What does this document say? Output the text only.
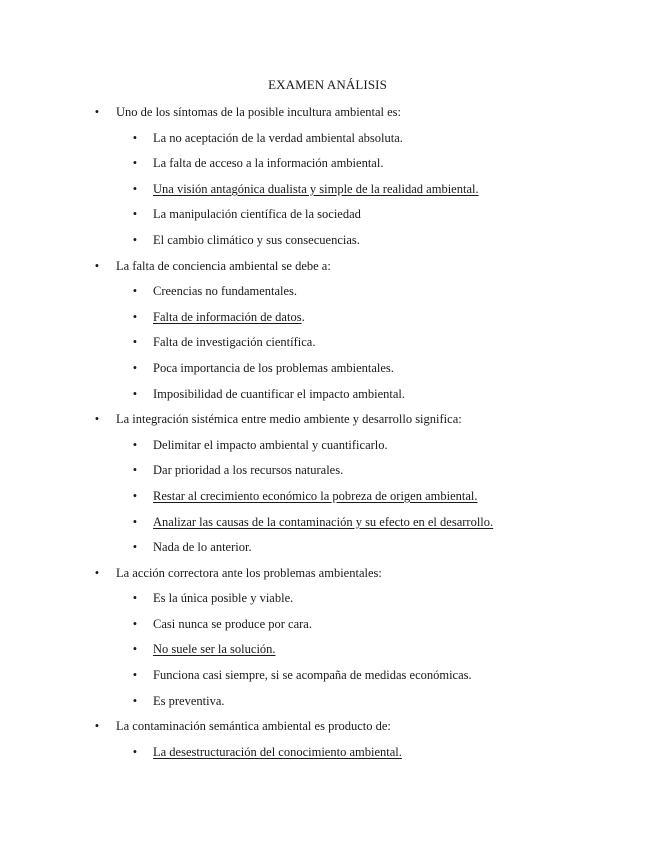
EXAMEN ANÁLISIS
• Uno de los síntomas de la posible incultura ambiental es:
• La no aceptación de la verdad ambiental absoluta.
• La falta de acceso a la información ambiental.
• Una visión antagónica dualista y simple de la realidad ambiental.
• La manipulación científica de la sociedad
• El cambio climático y sus consecuencias.
• La falta de conciencia ambiental se debe a:
• Creencias no fundamentales.
• Falta de información de datos.
• Falta de investigación científica.
• Poca importancia de los problemas ambientales.
• Imposibilidad de cuantificar el impacto ambiental.
• La integración sistémica entre medio ambiente y desarrollo significa:
• Delimitar el impacto ambiental y cuantificarlo.
• Dar prioridad a los recursos naturales.
• Restar al crecimiento económico la pobreza de origen ambiental.
• Analizar las causas de la contaminación y su efecto en el desarrollo.
• Nada de lo anterior.
• La acción correctora ante los problemas ambientales:
• Es la única posible y viable.
• Casi nunca se produce por cara.
• No suele ser la solución.
• Funciona casi siempre, si se acompaña de medidas económicas.
• Es preventiva.
• La contaminación semántica ambiental es producto de:
• La desestructuración del conocimiento ambiental.
